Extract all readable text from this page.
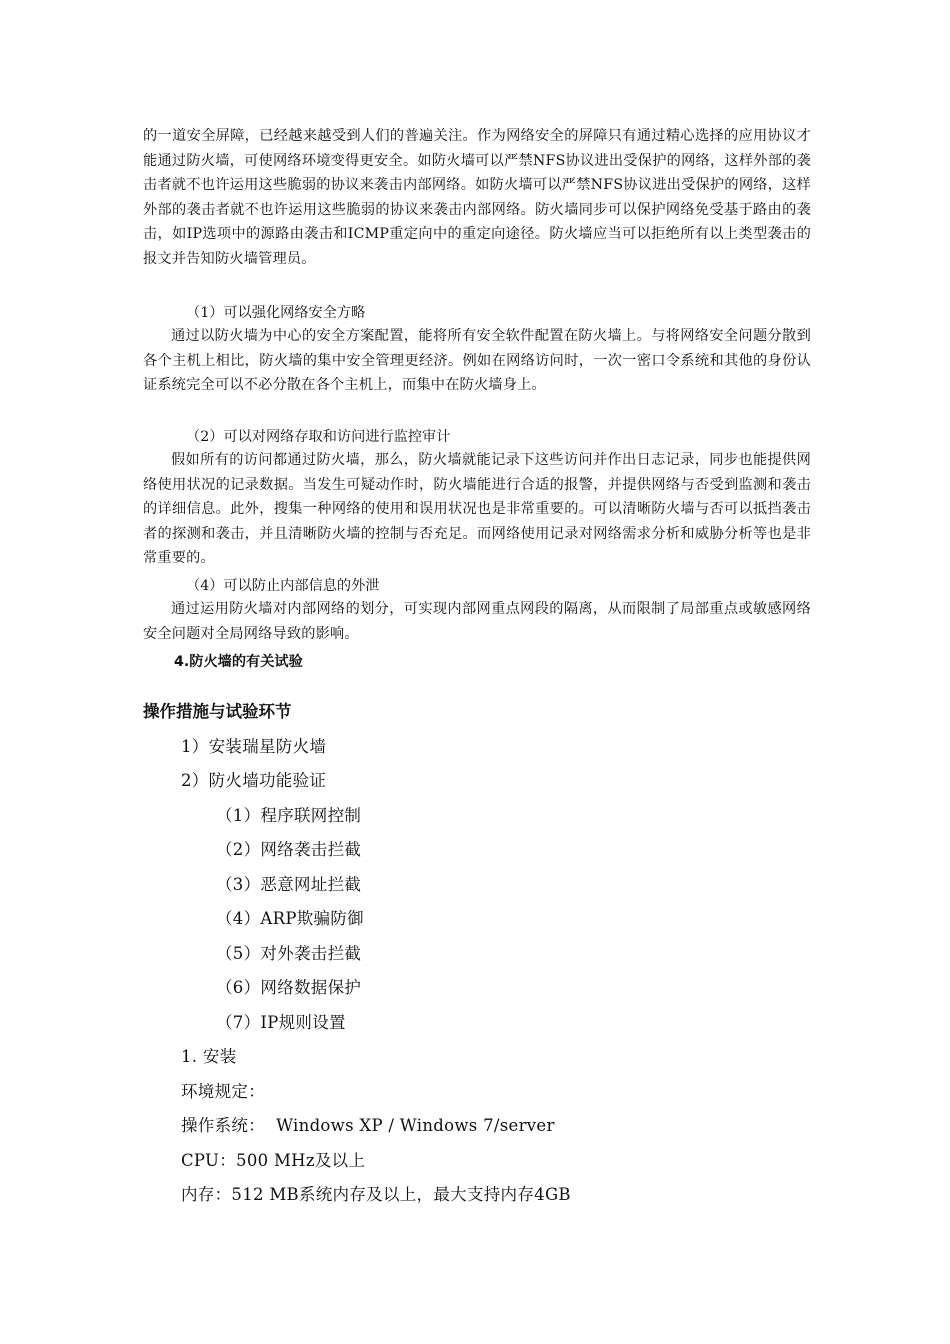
的一道安全屏障，已经越来越受到人们的普遍关注。作为网络安全的屏障只有通过精心选择的应用协议才能通过防火墙，可使网络环境变得更安全。如防火墙可以严禁NFS协议进出受保护的网络，这样外部的袭击者就不也许运用这些脆弱的协议来袭击内部网络。如防火墙可以严禁NFS协议进出受保护的网络，这样外部的袭击者就不也许运用这些脆弱的协议来袭击内部网络。防火墙同步可以保护网络免受基于路由的袭击，如IP选项中的源路由袭击和ICMP重定向中的重定向途径。防火墙应当可以拒绝所有以上类型袭击的报文并告知防火墙管理员。

（1）可以强化网络安全方略

通过以防火墙为中心的安全方案配置，能将所有安全软件配置在防火墙上。与将网络安全问题分散到各个主机上相比，防火墙的集中安全管理更经济。例如在网络访问时，一次一密口令系统和其他的身份认证系统完全可以不必分散在各个主机上，而集中在防火墙身上。

（2）可以对网络存取和访问进行监控审计

假如所有的访问都通过防火墙，那么，防火墙就能记录下这些访问并作出日志记录，同步也能提供网络使用状况的记录数据。当发生可疑动作时，防火墙能进行合适的报警，并提供网络与否受到监测和袭击的详细信息。此外，搜集一种网络的使用和误用状况也是非常重要的。可以清晰防火墙与否可以抵挡袭击者的探测和袭击，并且清晰防火墙的控制与否充足。而网络使用记录对网络需求分析和威胁分析等也是非常重要的。

（4）可以防止内部信息的外泄

通过运用防火墙对内部网络的划分，可实现内部网重点网段的隔离，从而限制了局部重点或敏感网络安全问题对全局网络导致的影响。

4.防火墙的有关试验
操作措施与试验环节
1）安装瑞星防火墙
2）防火墙功能验证
（1）程序联网控制
（2）网络袭击拦截
（3）恶意网址拦截
（4）ARP欺骗防御
（5）对外袭击拦截
（6）网络数据保护
（7）IP规则设置
1. 安装
环境规定：
操作系统：  Windows XP / Windows 7/server
CPU：500 MHz及以上
内存：512 MB系统内存及以上，最大支持内存4GB
